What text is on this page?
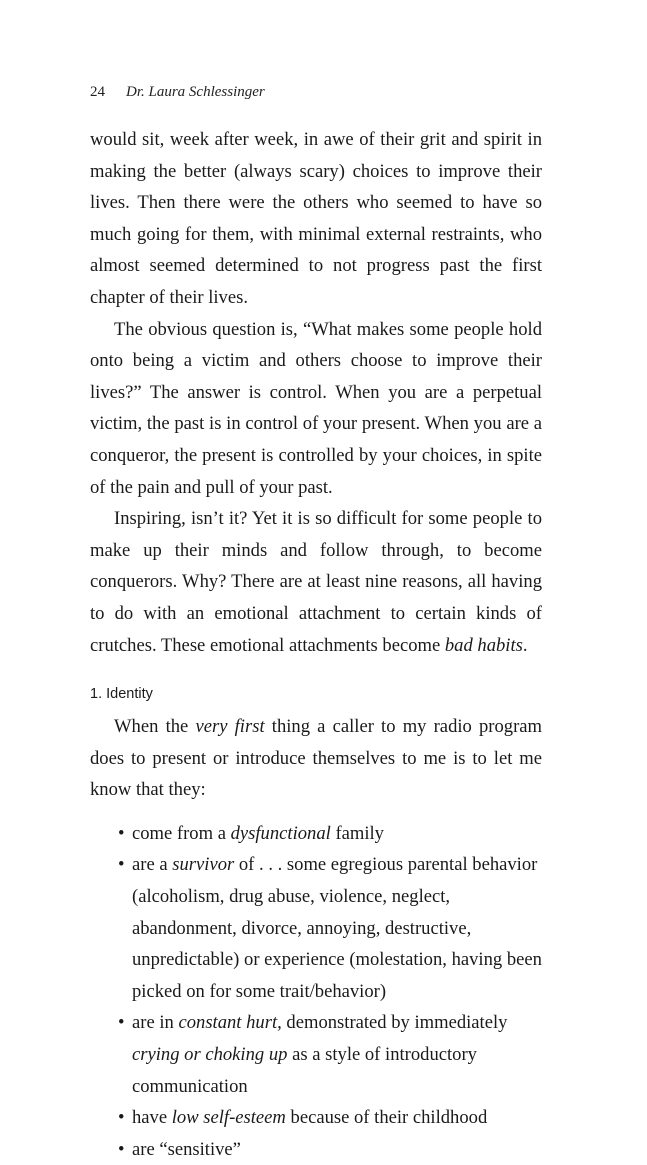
24 Dr. Laura Schlessinger

would sit, week after week, in awe of their grit and spirit in making the better (always scary) choices to improve their lives. Then there were the others who seemed to have so much going for them, with minimal external restraints, who almost seemed determined to not progress past the first chapter of their lives.

The obvious question is, “What makes some people hold onto being a victim and others choose to improve their lives?” The answer is control. When you are a perpetual victim, the past is in control of your present. When you are a conqueror, the present is controlled by your choices, in spite of the pain and pull of your past.

Inspiring, isn’t it? Yet it is so difficult for some people to make up their minds and follow through, to become conquerors. Why? There are at least nine reasons, all having to do with an emotional attachment to certain kinds of crutches. These emotional attachments become bad habits.

1. Identity

When the very first thing a caller to my radio program does to present or introduce themselves to me is to let me know that they:

• come from a dysfunctional family
• are a survivor of . . . some egregious parental behavior (alcoholism, drug abuse, violence, neglect, abandonment, divorce, annoying, destructive, unpredictable) or experience (molestation, having been picked on for some trait/behavior)
• are in constant hurt, demonstrated by immediately crying or choking up as a style of introductory communication
• have low self-esteem because of their childhood
• are “sensitive”
